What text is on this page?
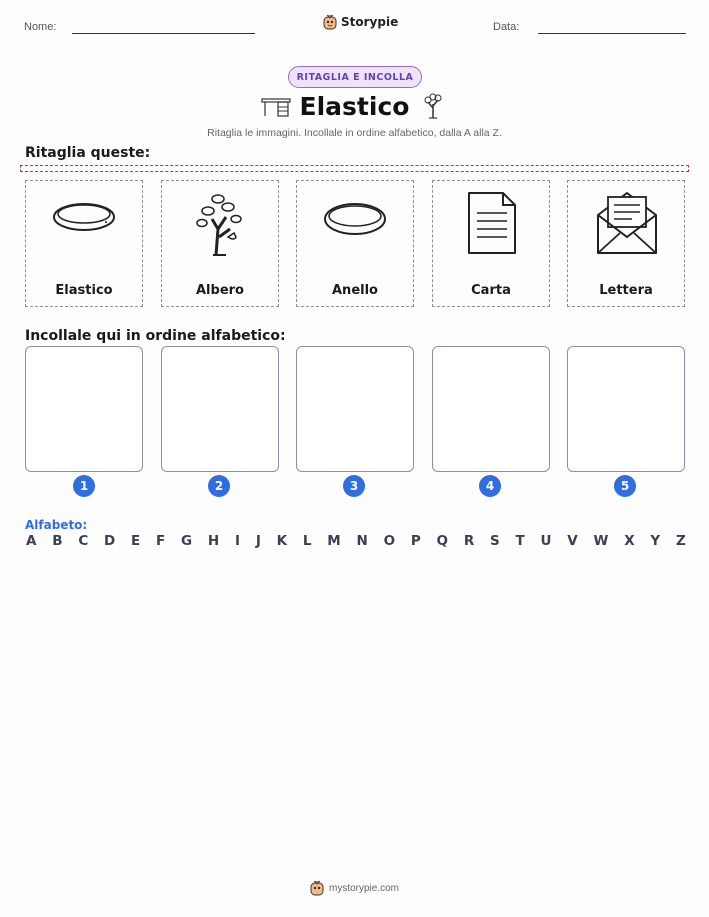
Nome:	Storypie	Data:
RITAGLIA E INCOLLA
Elastico
Ritaglia le immagini. Incollale in ordine alfabetico, dalla A alla Z.
Ritaglia queste:
Elastico	Albero	Anello	Carta	Lettera
Incollale qui in ordine alfabetico:
1	2	3	4	5
Alfabeto:
A B C D E F G H I J K L M N O P Q R S T U V W X Y Z
mystorypie.com
